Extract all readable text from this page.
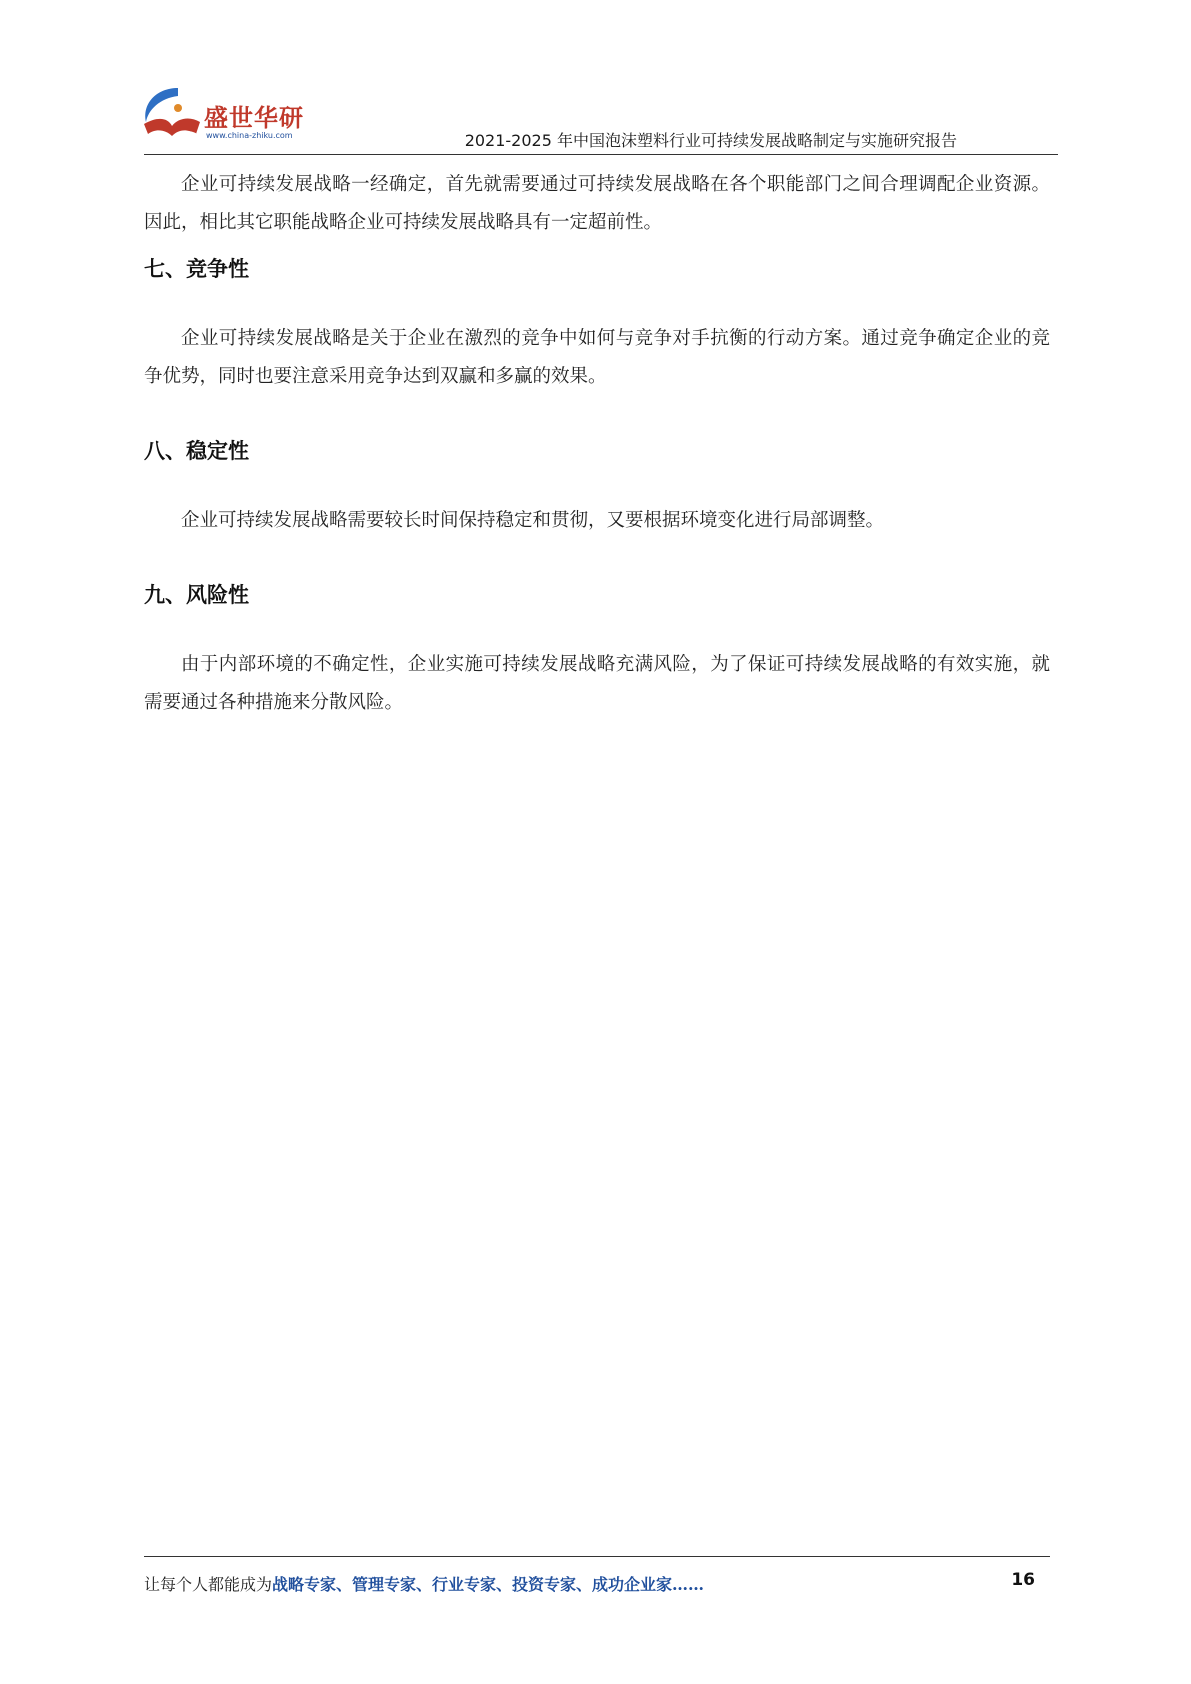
盛世华研
www.china-zhiku.com	2021-2025 年中国泡沫塑料行业可持续发展战略制定与实施研究报告

企业可持续发展战略一经确定，首先就需要通过可持续发展战略在各个职能部门之间合理调配企业资源。因此，相比其它职能战略企业可持续发展战略具有一定超前性。

七、竞争性

企业可持续发展战略是关于企业在激烈的竞争中如何与竞争对手抗衡的行动方案。通过竞争确定企业的竞争优势，同时也要注意采用竞争达到双赢和多赢的效果。

八、稳定性

企业可持续发展战略需要较长时间保持稳定和贯彻，又要根据环境变化进行局部调整。

九、风险性

由于内部环境的不确定性，企业实施可持续发展战略充满风险，为了保证可持续发展战略的有效实施，就需要通过各种措施来分散风险。

让每个人都能成为战略专家、管理专家、行业专家、投资专家、成功企业家……	16
